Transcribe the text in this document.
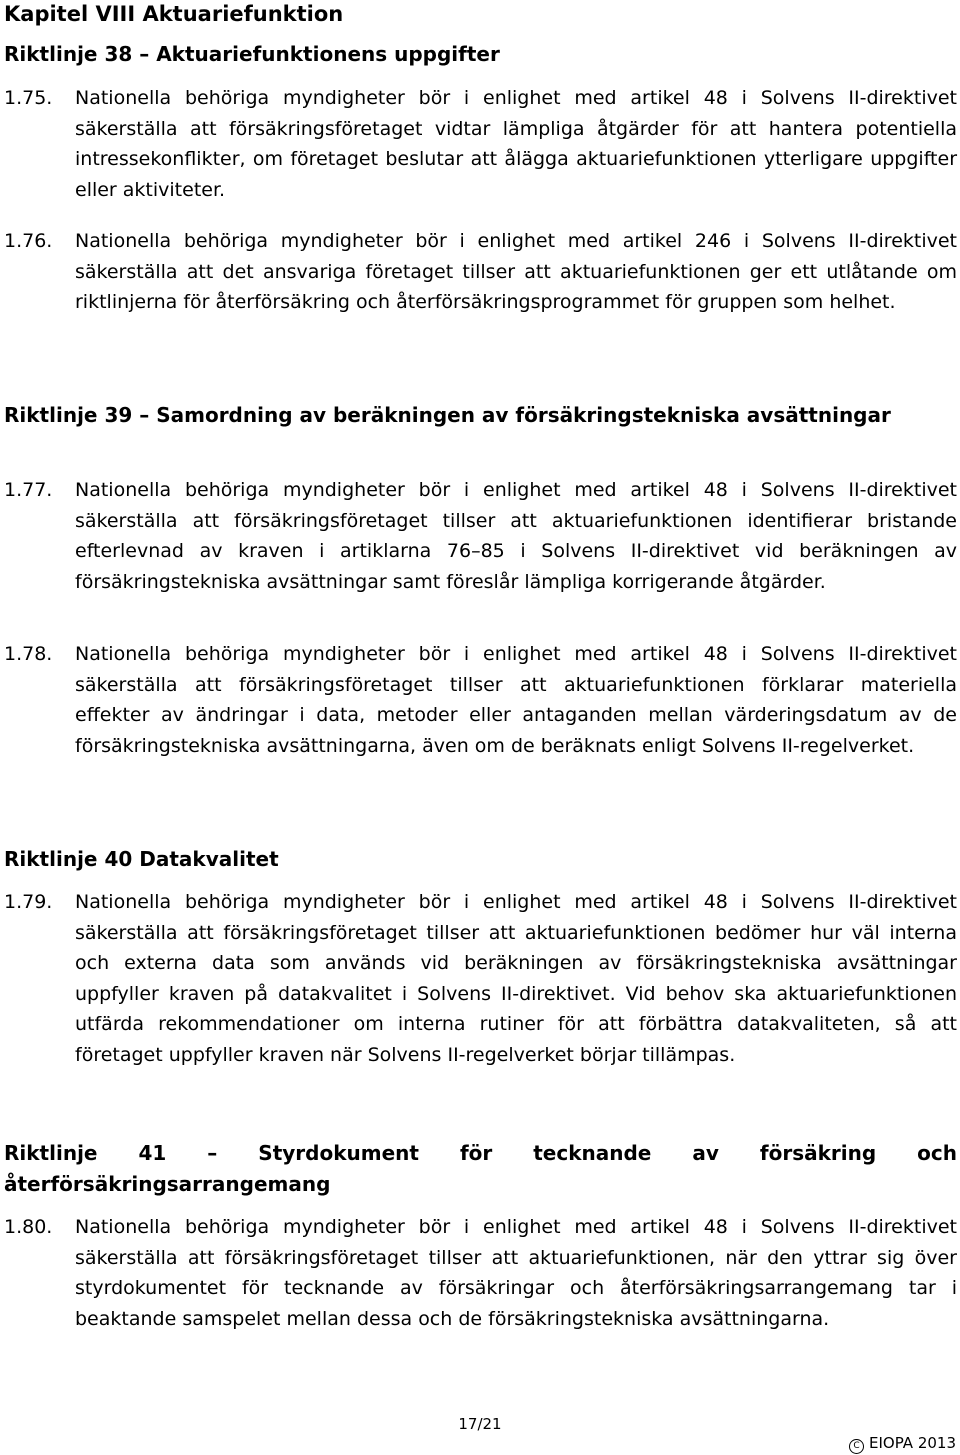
Kapitel VIII Aktuariefunktion
Riktlinje 38 – Aktuariefunktionens uppgifter
1.75. Nationella behöriga myndigheter bör i enlighet med artikel 48 i Solvens II-direktivet säkerställa att försäkringsföretaget vidtar lämpliga åtgärder för att hantera potentiella intressekonflikter, om företaget beslutar att ålägga aktuariefunktionen ytterligare uppgifter eller aktiviteter.
1.76. Nationella behöriga myndigheter bör i enlighet med artikel 246 i Solvens II-direktivet säkerställa att det ansvariga företaget tillser att aktuariefunktionen ger ett utlåtande om riktlinjerna för återförsäkring och återförsäkringsprogrammet för gruppen som helhet.
Riktlinje 39 – Samordning av beräkningen av försäkringstekniska avsättningar
1.77. Nationella behöriga myndigheter bör i enlighet med artikel 48 i Solvens II-direktivet säkerställa att försäkringsföretaget tillser att aktuariefunktionen identifierar bristande efterlevnad av kraven i artiklarna 76–85 i Solvens II-direktivet vid beräkningen av försäkringstekniska avsättningar samt föreslår lämpliga korrigerande åtgärder.
1.78. Nationella behöriga myndigheter bör i enlighet med artikel 48 i Solvens II-direktivet säkerställa att försäkringsföretaget tillser att aktuariefunktionen förklarar materiella effekter av ändringar i data, metoder eller antaganden mellan värderingsdatum av de försäkringstekniska avsättningarna, även om de beräknats enligt Solvens II-regelverket.
Riktlinje 40 Datakvalitet
1.79. Nationella behöriga myndigheter bör i enlighet med artikel 48 i Solvens II-direktivet säkerställa att försäkringsföretaget tillser att aktuariefunktionen bedömer hur väl interna och externa data som används vid beräkningen av försäkringstekniska avsättningar uppfyller kraven på datakvalitet i Solvens II-direktivet. Vid behov ska aktuariefunktionen utfärda rekommendationer om interna rutiner för att förbättra datakvaliteten, så att företaget uppfyller kraven när Solvens II-regelverket börjar tillämpas.
Riktlinje 41 – Styrdokument för tecknande av försäkring och återförsäkringsarrangemang
1.80. Nationella behöriga myndigheter bör i enlighet med artikel 48 i Solvens II-direktivet säkerställa att försäkringsföretaget tillser att aktuariefunktionen, när den yttrar sig över styrdokumentet för tecknande av försäkringar och återförsäkringsarrangemang tar i beaktande samspelet mellan dessa och de försäkringstekniska avsättningarna.
17/21
C EIOPA 2013
